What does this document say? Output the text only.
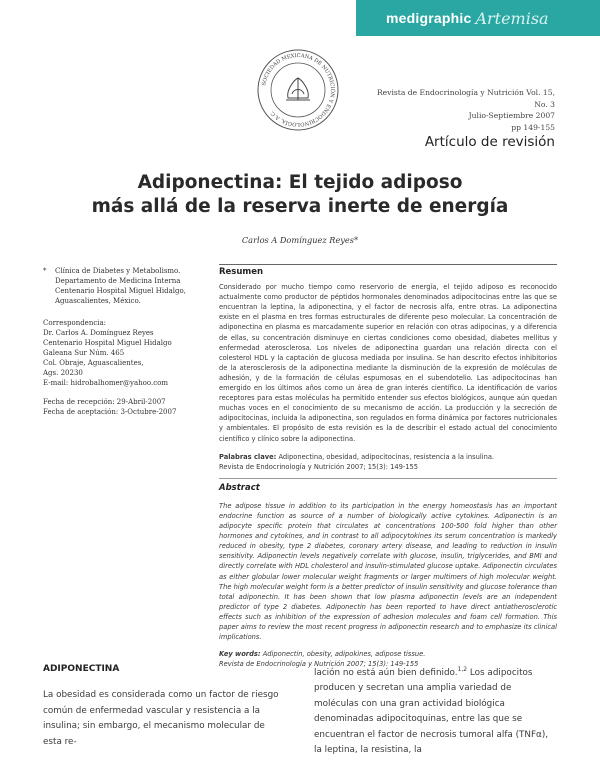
medigraphic Artemisa
SOCIEDAD MEXICANA DE NUTRICIÓN Y ENDOCRINOLOGÍA, A.C.
Revista de Endocrinología y Nutrición Vol. 15, No. 3
Julio-Septiembre 2007
pp 149-155
Artículo de revisión
Adiponectina: El tejido adiposo
más allá de la reserva inerte de energía
Carlos A Domínguez Reyes*
*	Clínica de Diabetes y Metabolismo. Departamento de Medicina Interna Centenario Hospital Miguel Hidalgo, Aguascalientes, México.

Correspondencia:

Dr. Carlos A. Domínguez Reyes

Centenario Hospital Miguel Hidalgo

Galeana Sur Núm. 465

Col. Obraje, Aguascalientes,

Ags. 20230

E-mail: hidrobalhomer@yahoo.com

Fecha de recepción: 29-Abril-2007

Fecha de aceptación: 3-Octubre-2007

Resumen

Considerado por mucho tiempo como reservorio de energía, el tejido adiposo es reconocido actualmente como productor de péptidos hormonales denominados adipocitocinas entre las que se encuentran la leptina, la adiponectina, y el factor de necrosis alfa, entre otras. La adiponectina existe en el plasma en tres formas estructurales de diferente peso molecular. La concentración de adiponectina en plasma es marcadamente superior en relación con otras adipocinas, y a diferencia de ellas, su concentración disminuye en ciertas condiciones como obesidad, diabetes mellitus y enfermedad aterosclerosa. Los niveles de adiponectina guardan una relación directa con el colesterol HDL y la captación de glucosa mediada por insulina. Se han descrito efectos inhibitorios de la aterosclerosis de la adiponectina mediante la disminución de la expresión de moléculas de adhesión, y de la formación de células espumosas en el subendotelio. Las adipocitocinas han emergido en los últimos años como un área de gran interés científico. La identificación de varios receptores para estas moléculas ha permitido entender sus efectos biológicos, aunque aún quedan muchas voces en el conocimiento de su mecanismo de acción. La producción y la secreción de adipocitocinas, incluida la adiponectina, son regulados en forma dinámica por factores nutricionales y ambientales. El propósito de esta revisión es la de describir el estado actual del conocimiento científico y clínico sobre la adiponectina.

Palabras clave: Adiponectina, obesidad, adipocitocinas, resistencia a la insulina.

Revista de Endocrinología y Nutrición 2007; 15(3): 149-155

Abstract

The adipose tissue in addition to its participation in the energy homeostasis has an important endocrine function as source of a number of biologically active cytokines. Adiponectin is an adipocyte specific protein that circulates at concentrations 100-500 fold higher than other hormones and cytokines, and in contrast to all adipocytokines its serum concentration is markedly reduced in obesity, type 2 diabetes, coronary artery disease, and leading to reduction in insulin sensitivity. Adiponectin levels negatively correlate with glucose, insulin, triglycerides, and BMI and directly correlate with HDL cholesterol and insulin-stimulated glucose uptake. Adiponectin circulates as either globular lower molecular weight fragments or larger multimers of high molecular weight. The high molecular weight form is a better predictor of insulin sensitivity and glucose tolerance than total adiponectin. It has been shown that low plasma adiponectin levels are an independent predictor of type 2 diabetes. Adiponectin has been reported to have direct antiatherosclerotic effects such as inhibition of the expression of adhesion molecules and foam cell formation. This paper aims to review the most recent progress in adiponectin research and to emphasize its clinical implications.

Key words: Adiponectin, obesity, adipokines, adipose tissue.

Revista de Endocrinología y Nutrición 2007; 15(3): 149-155

ADIPONECTINA

La obesidad es considerada como un factor de riesgo común de enfermedad vascular y resistencia a la insulina; sin embargo, el mecanismo molecular de esta re-

lación no está aún bien definido.$^{1,2}$ Los adipocitos producen y secretan una amplia variedad de moléculas con una gran actividad biológica denominadas adipocitoquinas, entre las que se encuentran el factor de necrosis tumoral alfa (TNFα), la leptina, la resistina, la
